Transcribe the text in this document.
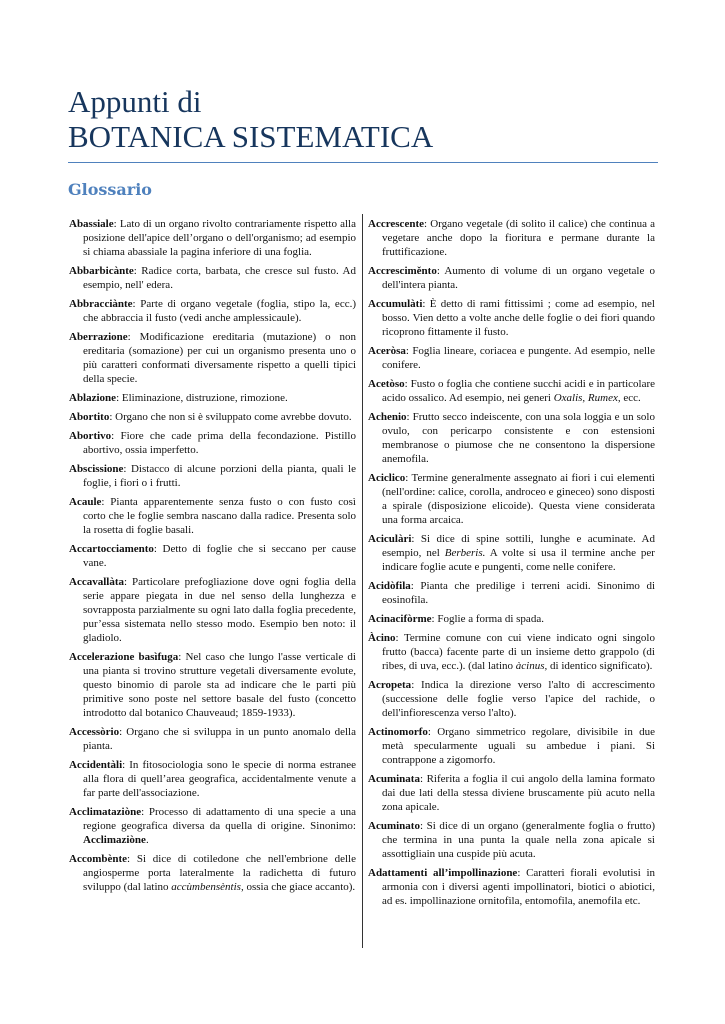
Appunti di
BOTANICA SISTEMATICA
Glossario

Abassiale: Lato di un organo rivolto contrariamente rispetto alla posizione dell'apice dell’organo o dell'organismo; ad esempio si chiama abassiale la pagina inferiore di una foglia.

Abbarbicànte: Radice corta, barbata, che cresce sul fusto. Ad esempio, nell' edera.

Abbracciànte: Parte di organo vegetale (foglia, stipo la, ecc.) che abbraccia il fusto (vedi anche amplessicaule).

Aberrazione: Modificazione ereditaria (mutazione) o non ereditaria (somazione) per cui un organismo presenta uno o più caratteri conformati diversamente rispetto a quelli tipici della specie.

Ablazione: Eliminazione, distruzione, rimozione.

Abortito: Organo che non si è sviluppato come avrebbe dovuto.

Abortivo: Fiore che cade prima della fecondazione. Pistillo abortivo, ossia imperfetto.

Abscissione: Distacco di alcune porzioni della pianta, quali le foglie, i fiori o i frutti.

Acaule: Pianta apparentemente senza fusto o con fusto così corto che le foglie sembra nascano dalla radice. Presenta solo la rosetta di foglie basali.

Accartocciamento: Detto di foglie che si seccano per cause vane.

Accavallàta: Particolare prefogliazione dove ogni foglia della serie appare piegata in due nel senso della lunghezza e sovrapposta parzialmente su ogni lato dalla foglia precedente, pur’essa sistemata nello stesso modo. Esempio ben noto: il gladiolo.

Accelerazione basìfuga: Nel caso che lungo l'asse verticale di una pianta si trovino strutture vegetali diversamente evolute, questo binomio di parole sta ad indicare che le parti più primitive sono poste nel settore basale del fusto (concetto introdotto dal botanico Chauveaud; 1859-1933).

Accessòrio: Organo che si sviluppa in un punto anomalo della pianta.

Accidentàli: In fitosociologia sono le specie di norma estranee alla flora di quell’area geografica, accidentalmente venute a far parte dell'associazione.

Acclimataziòne: Processo di adattamento di una specie a una regione geografica diversa da quella di origine. Sinonimo: Acclimaziòne.

Accombènte: Si dice di cotiledone che nell'embrione delle angiosperme porta lateralmente la radichetta di futuro sviluppo (dal latino accùmbensèntis, ossia che giace accanto).

Accrescente: Organo vegetale (di solito il calice) che continua a vegetare anche dopo la fioritura e permane durante la fruttificazione.

Accresciměnto: Aumento di volume di un organo vegetale o dell'intera pianta.

Accumulàti: È detto di rami fittissimi ; come ad esempio, nel bosso. Vien detto a volte anche delle foglie o dei fiori quando ricoprono fittamente il fusto.

Aceròsa: Foglia lineare, coriacea e pungente. Ad esempio, nelle conifere.

Acetòso: Fusto o foglia che contiene succhi acidi e in particolare acido ossalico. Ad esempio, nei generi Oxalis, Rumex, ecc.

Achenio: Frutto secco indeiscente, con una sola loggia e un solo ovulo, con pericarpo consistente e con estensioni membranose o piumose che ne consentono la dispersione anemofila.

Aciclico: Termine generalmente assegnato ai fiori i cui elementi (nell'ordine: calice, corolla, androceo e gineceo) sono disposti a spirale (disposizione elicoide). Questa viene considerata una forma arcaica.

Aciculàri: Si dice di spine sottili, lunghe e acuminate. Ad esempio, nel Berberis. A volte si usa il termine anche per indicare foglie acute e pungenti, come nelle conifere.

Acidòfila: Pianta che predilige i terreni acidi. Sinonimo di eosinofila.

Acinacifòrme: Foglie a forma di spada.

Àcino: Termine comune con cui viene indicato ogni singolo frutto (bacca) facente parte di un insieme detto grappolo (di ribes, di uva, ecc.). (dal latino àcinus, di identico significato).

Acropeta: Indica la direzione verso l'alto di accrescimento (successione delle foglie verso l'apice del rachide, o dell'infiorescenza verso l'alto).

Actinomorfo: Organo simmetrico regolare, divisibile in due metà specularmente uguali su ambedue i piani. Si contrappone a zigomorfo.

Acuminata: Riferita a foglia il cui angolo della lamina formato dai due lati della stessa diviene bruscamente più acuto nella zona apicale.

Acuminato: Si dice di un organo (generalmente foglia o frutto) che termina in una punta la quale nella zona apicale si assottigliain una cuspide più acuta.

Adattamenti all’impollinazione: Caratteri fiorali evolutisi in armonia con i diversi agenti impollinatori, biotici o abiotici, ad es. impollinazione ornitofila, entomofila, anemofila etc.
